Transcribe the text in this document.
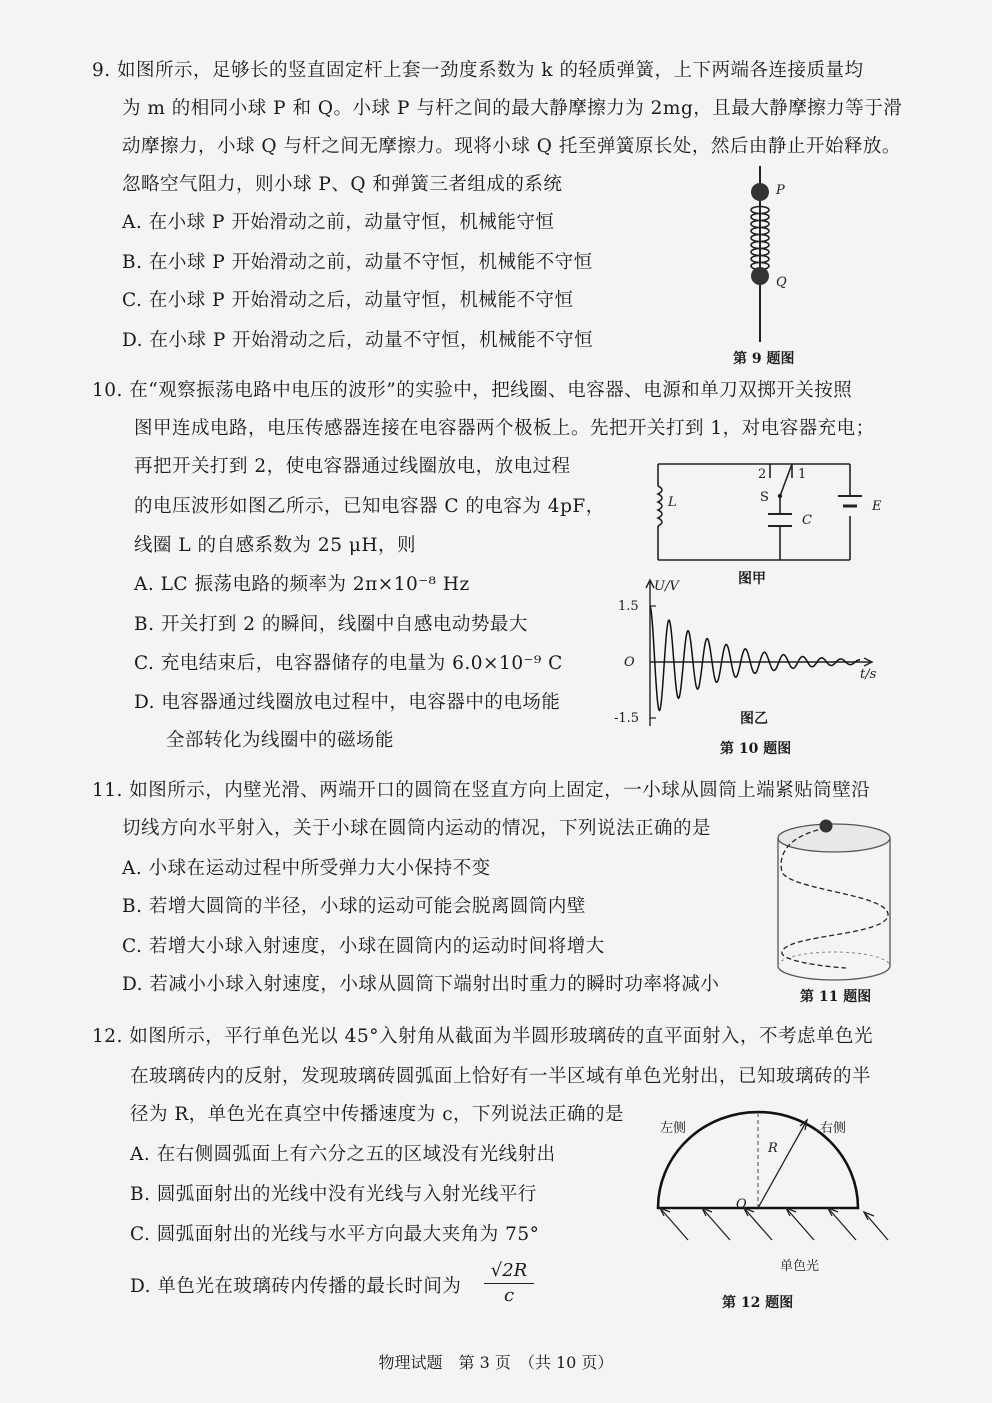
9. 如图所示，足够长的竖直固定杆上套一劲度系数为 k 的轻质弹簧，上下两端各连接质量均
为 m 的相同小球 P 和 Q。小球 P 与杆之间的最大静摩擦力为 2mg，且最大静摩擦力等于滑
动摩擦力，小球 Q 与杆之间无摩擦力。现将小球 Q 托至弹簧原长处，然后由静止开始释放。
忽略空气阻力，则小球 P、Q 和弹簧三者组成的系统
A. 在小球 P 开始滑动之前，动量守恒，机械能守恒
B. 在小球 P 开始滑动之前，动量不守恒，机械能不守恒
C. 在小球 P 开始滑动之后，动量守恒，机械能不守恒
D. 在小球 P 开始滑动之后，动量不守恒，机械能不守恒
P
Q
第 9 题图
10. 在“观察振荡电路中电压的波形”的实验中，把线圈、电容器、电源和单刀双掷开关按照
图甲连成电路，电压传感器连接在电容器两个极板上。先把开关打到 1，对电容器充电；
再把开关打到 2，使电容器通过线圈放电，放电过程
的电压波形如图乙所示，已知电容器 C 的电容为 4pF，
线圈 L 的自感系数为 25 μH，则
A. LC 振荡电路的频率为 2π×10⁻⁸ Hz
B. 开关打到 2 的瞬间，线圈中自感电动势最大
C. 充电结束后，电容器储存的电量为 6.0×10⁻⁹ C
D. 电容器通过线圈放电过程中，电容器中的电场能
全部转化为线圈中的磁场能
L	S
C
E
2 1
图甲
U/V
t/s
1.5
-1.5
O
图乙
第 10 题图
11. 如图所示，内壁光滑、两端开口的圆筒在竖直方向上固定，一小球从圆筒上端紧贴筒壁沿
切线方向水平射入，关于小球在圆筒内运动的情况，下列说法正确的是
A. 小球在运动过程中所受弹力大小保持不变
B. 若增大圆筒的半径，小球的运动可能会脱离圆筒内壁
C. 若增大小球入射速度，小球在圆筒内的运动时间将增大
D. 若减小小球入射速度，小球从圆筒下端射出时重力的瞬时功率将减小
第 11 题图
12. 如图所示，平行单色光以 45°入射角从截面为半圆形玻璃砖的直平面射入，不考虑单色光
在玻璃砖内的反射，发现玻璃砖圆弧面上恰好有一半区域有单色光射出，已知玻璃砖的半
径为 R，单色光在真空中传播速度为 c，下列说法正确的是
A. 在右侧圆弧面上有六分之五的区域没有光线射出
B. 圆弧面射出的光线中没有光线与入射光线平行
C. 圆弧面射出的光线与水平方向最大夹角为 75°
D. 单色光在玻璃砖内传播的最长时间为 $\frac{√2R}{c}$
左侧	右侧
R
O
单色光
第 12 题图
物理试题　第 3 页　（共 10 页）
